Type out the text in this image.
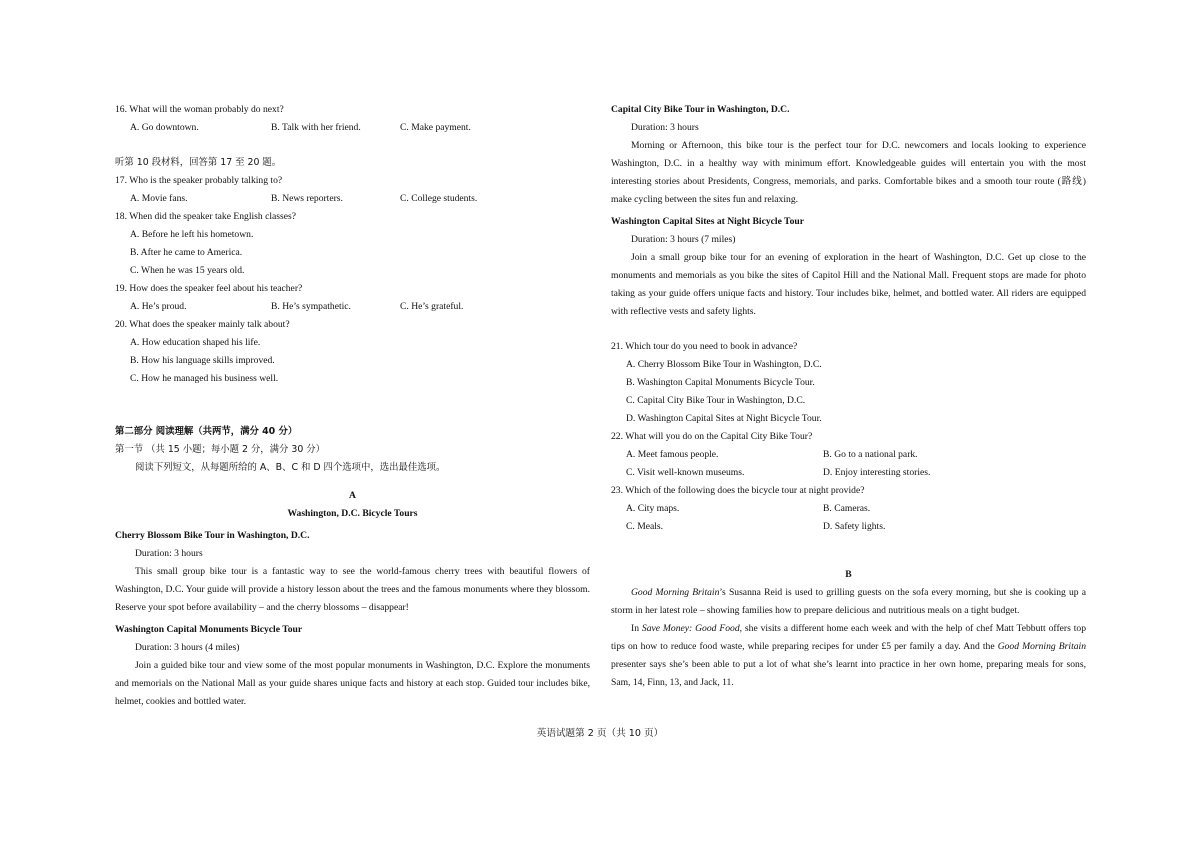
16. What will the woman probably do next?

A. Go downtown.	B. Talk with her friend.	C. Make payment.

听第 10 段材料，回答第 17 至 20 题。

17. Who is the speaker probably talking to?

A. Movie fans.	B. News reporters.	C. College students.

18. When did the speaker take English classes?

A. Before he left his hometown.

B. After he came to America.

C. When he was 15 years old.

19. How does the speaker feel about his teacher?

A. He’s proud.	B. He’s sympathetic.	C. He’s grateful.

20. What does the speaker mainly talk about?

A. How education shaped his life.

B. How his language skills improved.

C. How he managed his business well.

第二部分 阅读理解（共两节，满分 40 分）

第一节 （共 15 小题；每小题 2 分，满分 30 分）

阅读下列短文，从每题所给的 A、B、C 和 D 四个选项中，选出最佳选项。

A

Washington, D.C. Bicycle Tours

Cherry Blossom Bike Tour in Washington, D.C.

Duration: 3 hours

This small group bike tour is a fantastic way to see the world-famous cherry trees with beautiful flowers of Washington, D.C. Your guide will provide a history lesson about the trees and the famous monuments where they blossom. Reserve your spot before availability – and the cherry blossoms – disappear!

Washington Capital Monuments Bicycle Tour

Duration: 3 hours (4 miles)

Join a guided bike tour and view some of the most popular monuments in Washington, D.C. Explore the monuments and memorials on the National Mall as your guide shares unique facts and history at each stop. Guided tour includes bike, helmet, cookies and bottled water.

Capital City Bike Tour in Washington, D.C.

Duration: 3 hours

Morning or Afternoon, this bike tour is the perfect tour for D.C. newcomers and locals looking to experience Washington, D.C. in a healthy way with minimum effort. Knowledgeable guides will entertain you with the most interesting stories about Presidents, Congress, memorials, and parks. Comfortable bikes and a smooth tour route (路线) make cycling between the sites fun and relaxing.

Washington Capital Sites at Night Bicycle Tour

Duration: 3 hours (7 miles)

Join a small group bike tour for an evening of exploration in the heart of Washington, D.C. Get up close to the monuments and memorials as you bike the sites of Capitol Hill and the National Mall. Frequent stops are made for photo taking as your guide offers unique facts and history. Tour includes bike, helmet, and bottled water. All riders are equipped with reflective vests and safety lights.

21. Which tour do you need to book in advance?

A. Cherry Blossom Bike Tour in Washington, D.C.

B. Washington Capital Monuments Bicycle Tour.

C. Capital City Bike Tour in Washington, D.C.

D. Washington Capital Sites at Night Bicycle Tour.

22. What will you do on the Capital City Bike Tour?

A. Meet famous people.	B. Go to a national park.
C. Visit well-known museums.	D. Enjoy interesting stories.

23. Which of the following does the bicycle tour at night provide?

A. City maps.	B. Cameras.
C. Meals.	D. Safety lights.

B

Good Morning Britain’s Susanna Reid is used to grilling guests on the sofa every morning, but she is cooking up a storm in her latest role – showing families how to prepare delicious and nutritious meals on a tight budget.

In Save Money: Good Food, she visits a different home each week and with the help of chef Matt Tebbutt offers top tips on how to reduce food waste, while preparing recipes for under £5 per family a day. And the Good Morning Britain presenter says she’s been able to put a lot of what she’s learnt into practice in her own home, preparing meals for sons, Sam, 14, Finn, 13, and Jack, 11.

英语试题第 2 页（共 10 页）
